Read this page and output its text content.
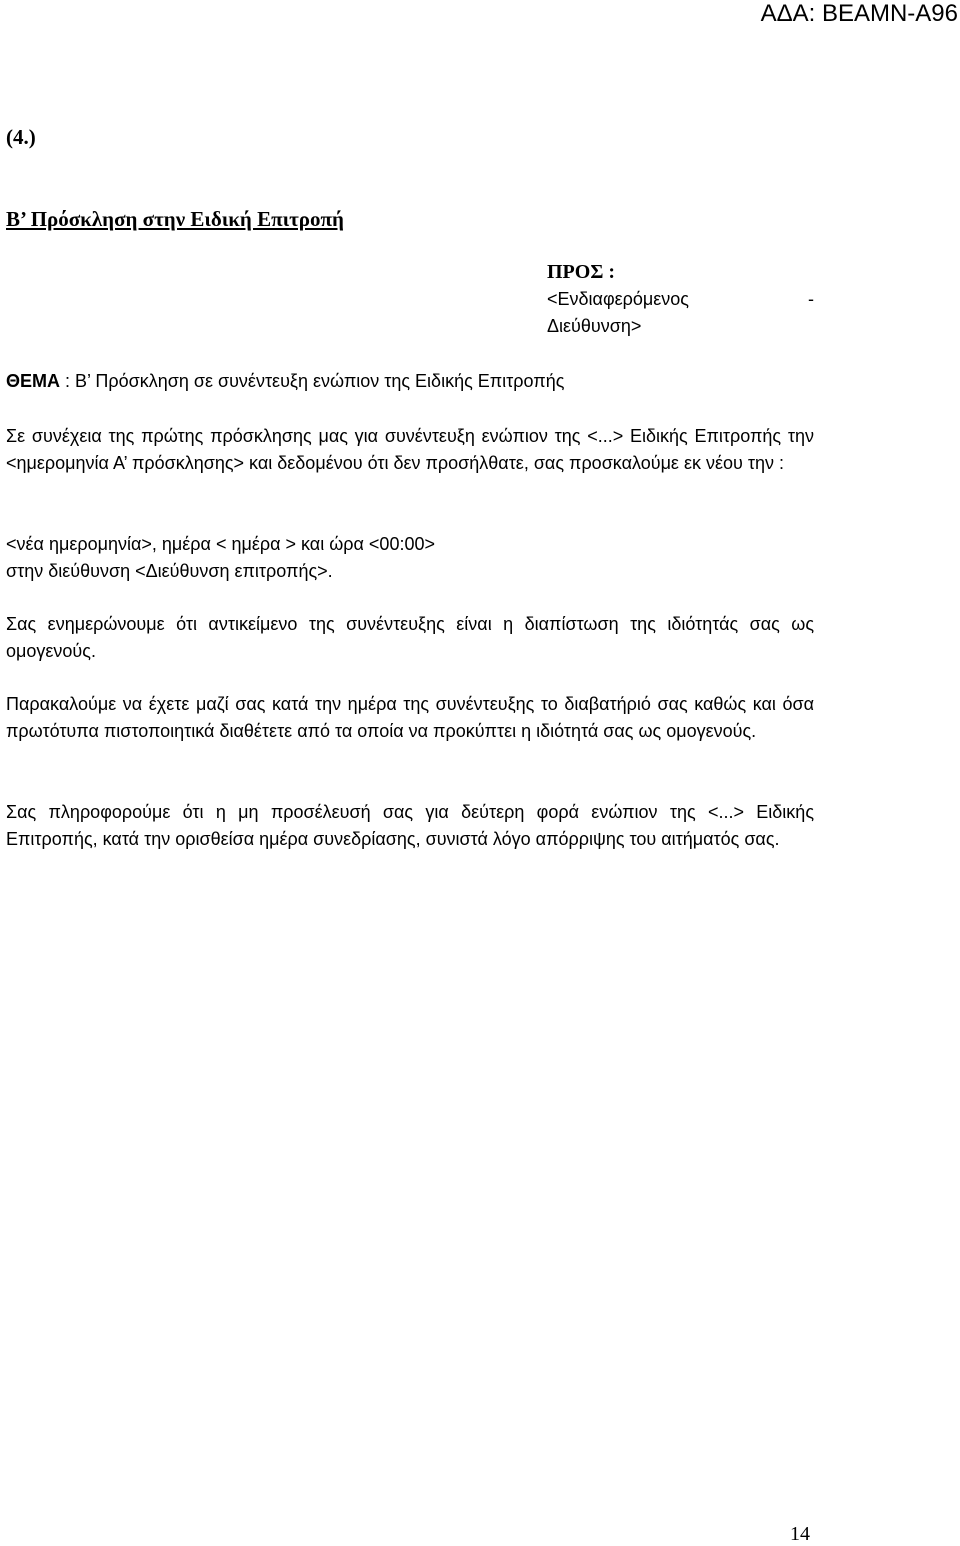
ΑΔΑ: ΒΕΑΜΝ-Α96
(4.)
Β’ Πρόσκληση στην Ειδική Επιτροπή
ΠΡΟΣ :
<Ενδιαφερόμενος	-
Διεύθυνση>
ΘΕΜΑ : Β’ Πρόσκληση σε συνέντευξη ενώπιον της Ειδικής Επιτροπής

Σε συνέχεια της πρώτης πρόσκλησης μας για συνέντευξη ενώπιον της <...> Ειδικής Επιτροπής την <ημερομηνία Α’ πρόσκλησης> και δεδομένου ότι δεν προσήλθατε, σας προσκαλούμε εκ νέου την :

<νέα ημερομηνία>, ημέρα < ημέρα > και ώρα <00:00>
στην διεύθυνση <Διεύθυνση επιτροπής>.

Σας ενημερώνουμε ότι αντικείμενο της συνέντευξης είναι η διαπίστωση της ιδιότητάς σας ως ομογενούς.

Παρακαλούμε να έχετε μαζί σας κατά την ημέρα της συνέντευξης το διαβατήριό σας καθώς και όσα πρωτότυπα πιστοποιητικά διαθέτετε από τα οποία να προκύπτει η ιδιότητά σας ως ομογενούς.

Σας πληροφορούμε ότι η μη προσέλευσή σας για δεύτερη φορά ενώπιον της <...> Ειδικής Επιτροπής, κατά την ορισθείσα ημέρα συνεδρίασης, συνιστά λόγο απόρριψης του αιτήματός σας.

14
